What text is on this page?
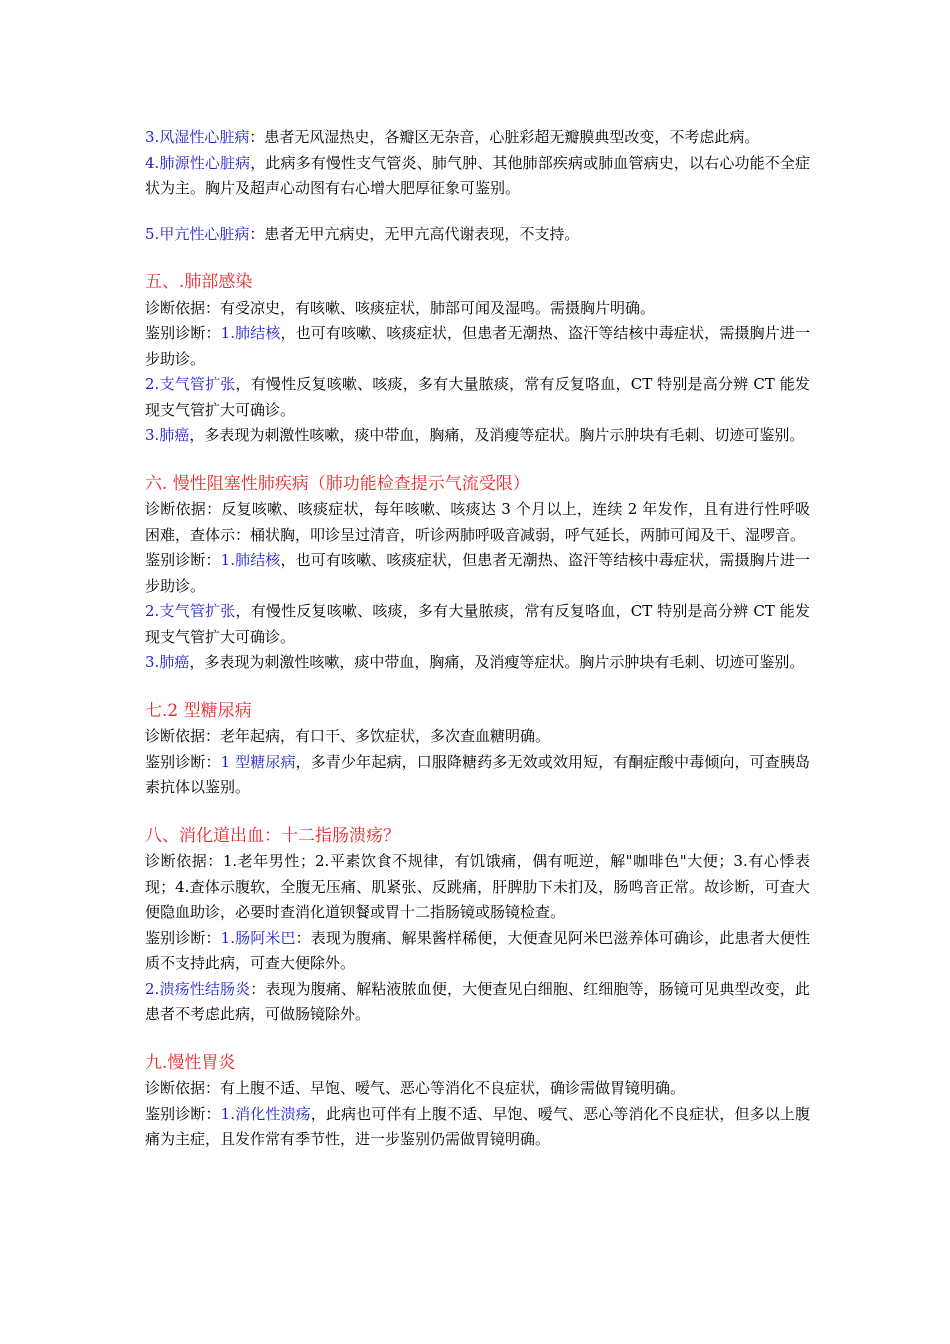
3.风湿性心脏病：患者无风湿热史，各瓣区无杂音，心脏彩超无瓣膜典型改变，不考虑此病。

4.肺源性心脏病，此病多有慢性支气管炎、肺气肿、其他肺部疾病或肺血管病史，以右心功能不全症状为主。胸片及超声心动图有右心增大肥厚征象可鉴别。

5.甲亢性心脏病：患者无甲亢病史，无甲亢高代谢表现，不支持。

五、.肺部感染

诊断依据：有受凉史，有咳嗽、咳痰症状，肺部可闻及湿鸣。需摄胸片明确。

鉴别诊断：1.肺结核，也可有咳嗽、咳痰症状，但患者无潮热、盗汗等结核中毒症状，需摄胸片进一步助诊。

2.支气管扩张，有慢性反复咳嗽、咳痰，多有大量脓痰，常有反复咯血，CT 特别是高分辨 CT 能发现支气管扩大可确诊。

3.肺癌，多表现为刺激性咳嗽，痰中带血，胸痛，及消瘦等症状。胸片示肿块有毛刺、切迹可鉴别。

六. 慢性阻塞性肺疾病（肺功能检查提示气流受限）

诊断依据：反复咳嗽、咳痰症状，每年咳嗽、咳痰达 3 个月以上，连续 2 年发作，且有进行性呼吸困难，查体示：桶状胸，叩诊呈过清音，听诊两肺呼吸音减弱，呼气延长，两肺可闻及干、湿啰音。

鉴别诊断：1.肺结核，也可有咳嗽、咳痰症状，但患者无潮热、盗汗等结核中毒症状，需摄胸片进一步助诊。

2.支气管扩张，有慢性反复咳嗽、咳痰，多有大量脓痰，常有反复咯血，CT 特别是高分辨 CT 能发现支气管扩大可确诊。

3.肺癌，多表现为刺激性咳嗽，痰中带血，胸痛，及消瘦等症状。胸片示肿块有毛刺、切迹可鉴别。

七.2 型糖尿病

诊断依据：老年起病，有口干、多饮症状，多次查血糖明确。

鉴别诊断：1 型糖尿病，多青少年起病，口服降糖药多无效或效用短，有酮症酸中毒倾向，可查胰岛素抗体以鉴别。

八、消化道出血：十二指肠溃疡？

诊断依据：1.老年男性；2.平素饮食不规律，有饥饿痛，偶有呃逆，解"咖啡色"大便；3.有心悸表现；4.查体示腹软，全腹无压痛、肌紧张、反跳痛，肝脾肋下未扪及，肠鸣音正常。故诊断，可查大便隐血助诊，必要时查消化道钡餐或胃十二指肠镜或肠镜检查。

鉴别诊断：1.肠阿米巴：表现为腹痛、解果酱样稀便，大便查见阿米巴滋养体可确诊，此患者大便性质不支持此病，可查大便除外。

2.溃疡性结肠炎：表现为腹痛、解粘液脓血便，大便查见白细胞、红细胞等，肠镜可见典型改变，此患者不考虑此病，可做肠镜除外。

九.慢性胃炎

诊断依据：有上腹不适、早饱、嗳气、恶心等消化不良症状，确诊需做胃镜明确。

鉴别诊断：1.消化性溃疡，此病也可伴有上腹不适、早饱、嗳气、恶心等消化不良症状，但多以上腹痛为主症，且发作常有季节性，进一步鉴别仍需做胃镜明确。
